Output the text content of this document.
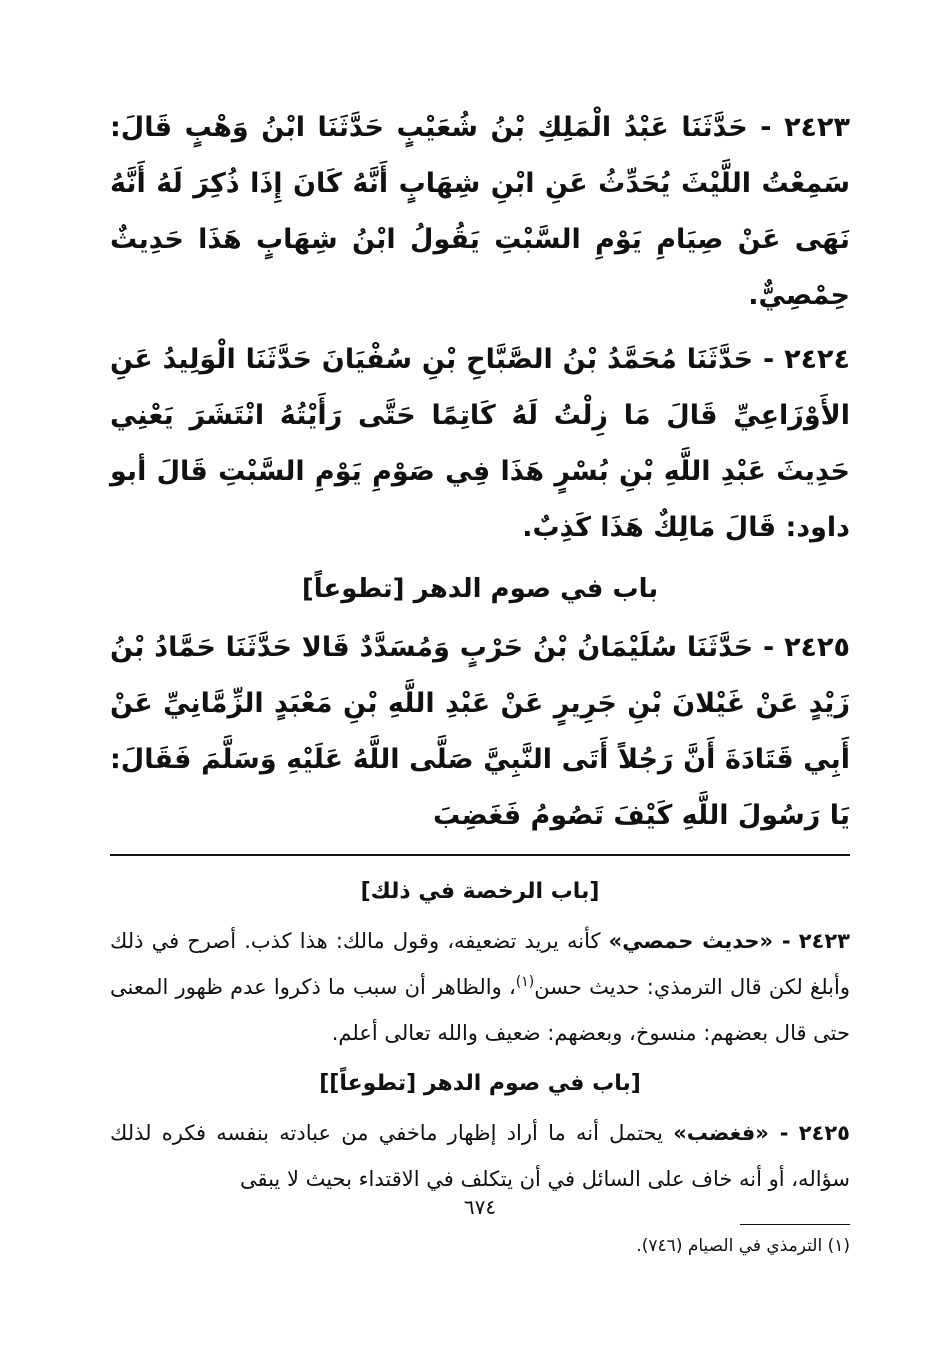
٢٤٢٣ - حَدَّثَنَا عَبْدُ الْمَلِكِ بْنُ شُعَيْبٍ حَدَّثَنَا ابْنُ وَهْبٍ قَالَ: سَمِعْتُ اللَّيْثَ يُحَدِّثُ عَنِ ابْنِ شِهَابٍ أَنَّهُ كَانَ إِذَا ذُكِرَ لَهُ أَنَّهُ نَهَى عَنْ صِيَامِ يَوْمِ السَّبْتِ يَقُولُ ابْنُ شِهَابٍ هَذَا حَدِيثٌ حِمْصِيٌّ.

٢٤٢٤ - حَدَّثَنَا مُحَمَّدُ بْنُ الصَّبَّاحِ بْنِ سُفْيَانَ حَدَّثَنَا الْوَلِيدُ عَنِ الأَوْزَاعِيِّ قَالَ مَا زِلْتُ لَهُ كَاتِمًا حَتَّى رَأَيْتُهُ انْتَشَرَ يَعْنِي حَدِيثَ عَبْدِ اللَّهِ بْنِ بُسْرٍ هَذَا فِي صَوْمِ يَوْمِ السَّبْتِ قَالَ أبو داود: قَالَ مَالِكٌ هَذَا كَذِبٌ.

باب في صوم الدهر [تطوعاً]

٢٤٢٥ - حَدَّثَنَا سُلَيْمَانُ بْنُ حَرْبٍ وَمُسَدَّدٌ قَالا حَدَّثَنَا حَمَّادُ بْنُ زَيْدٍ عَنْ غَيْلانَ بْنِ جَرِيرٍ عَنْ عَبْدِ اللَّهِ بْنِ مَعْبَدٍ الزِّمَّانِيِّ عَنْ أَبِي قَتَادَةَ أَنَّ رَجُلاً أَتَى النَّبِيَّ صَلَّى اللَّهُ عَلَيْهِ وَسَلَّمَ فَقَالَ: يَا رَسُولَ اللَّهِ كَيْفَ تَصُومُ فَغَضِبَ

[باب الرخصة في ذلك]

٢٤٢٣ - «حديث حمصي» كأنه يريد تضعيفه، وقول مالك: هذا كذب. أصرح في ذلك وأبلغ لكن قال الترمذي: حديث حسن$^{(١)}$، والظاهر أن سبب ما ذكروا عدم ظهور المعنى حتى قال بعضهم: منسوخ، وبعضهم: ضعيف والله تعالى أعلم.

[باب في صوم الدهر [تطوعاً]]

٢٤٢٥ - «فغضب» يحتمل أنه ما أراد إظهار ماخفي من عبادته بنفسه فكره لذلك سؤاله، أو أنه خاف على السائل في أن يتكلف في الاقتداء بحيث لا يبقى

(١) الترمذي في الصيام (٧٤٦).

٦٧٤
